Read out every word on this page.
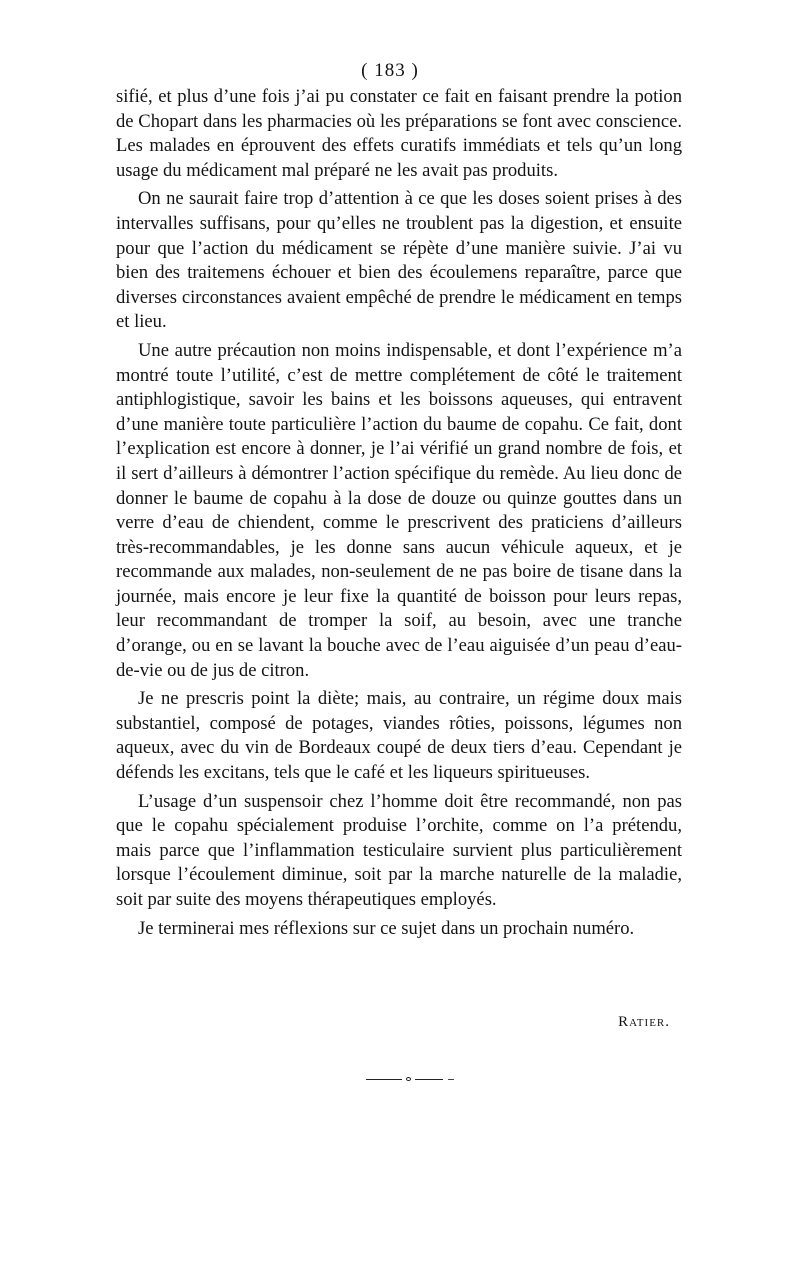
( 183 )

sifié, et plus d’une fois j’ai pu constater ce fait en faisant prendre la potion de Chopart dans les pharmacies où les préparations se font avec conscience. Les malades en éprouvent des effets curatifs immédiats et tels qu’un long usage du médicament mal préparé ne les avait pas produits.

On ne saurait faire trop d’attention à ce que les doses soient prises à des intervalles suffisans, pour qu’elles ne troublent pas la digestion, et ensuite pour que l’action du médicament se répète d’une manière suivie. J’ai vu bien des traitemens échouer et bien des écoulemens reparaître, parce que diverses circonstances avaient empêché de prendre le médicament en temps et lieu.

Une autre précaution non moins indispensable, et dont l’expérience m’a montré toute l’utilité, c’est de mettre complétement de côté le traitement antiphlogistique, savoir les bains et les boissons aqueuses, qui entravent d’une manière toute particulière l’action du baume de copahu. Ce fait, dont l’explication est encore à donner, je l’ai vérifié un grand nombre de fois, et il sert d’ailleurs à démontrer l’action spécifique du remède. Au lieu donc de donner le baume de copahu à la dose de douze ou quinze gouttes dans un verre d’eau de chiendent, comme le prescrivent des praticiens d’ailleurs très-recommandables, je les donne sans aucun véhicule aqueux, et je recommande aux malades, non-seulement de ne pas boire de tisane dans la journée, mais encore je leur fixe la quantité de boisson pour leurs repas, leur recommandant de tromper la soif, au besoin, avec une tranche d’orange, ou en se lavant la bouche avec de l’eau aiguisée d’un peau d’eau-de-vie ou de jus de citron.

Je ne prescris point la diète; mais, au contraire, un régime doux mais substantiel, composé de potages, viandes rôties, poissons, légumes non aqueux, avec du vin de Bordeaux coupé de deux tiers d’eau. Cependant je défends les excitans, tels que le café et les liqueurs spiritueuses.

L’usage d’un suspensoir chez l’homme doit être recommandé, non pas que le copahu spécialement produise l’orchite, comme on l’a prétendu, mais parce que l’inflammation testiculaire survient plus particulièrement lorsque l’écoulement diminue, soit par la marche naturelle de la maladie, soit par suite des moyens thérapeutiques employés.

Je terminerai mes réflexions sur ce sujet dans un prochain numéro.

Ratier.
